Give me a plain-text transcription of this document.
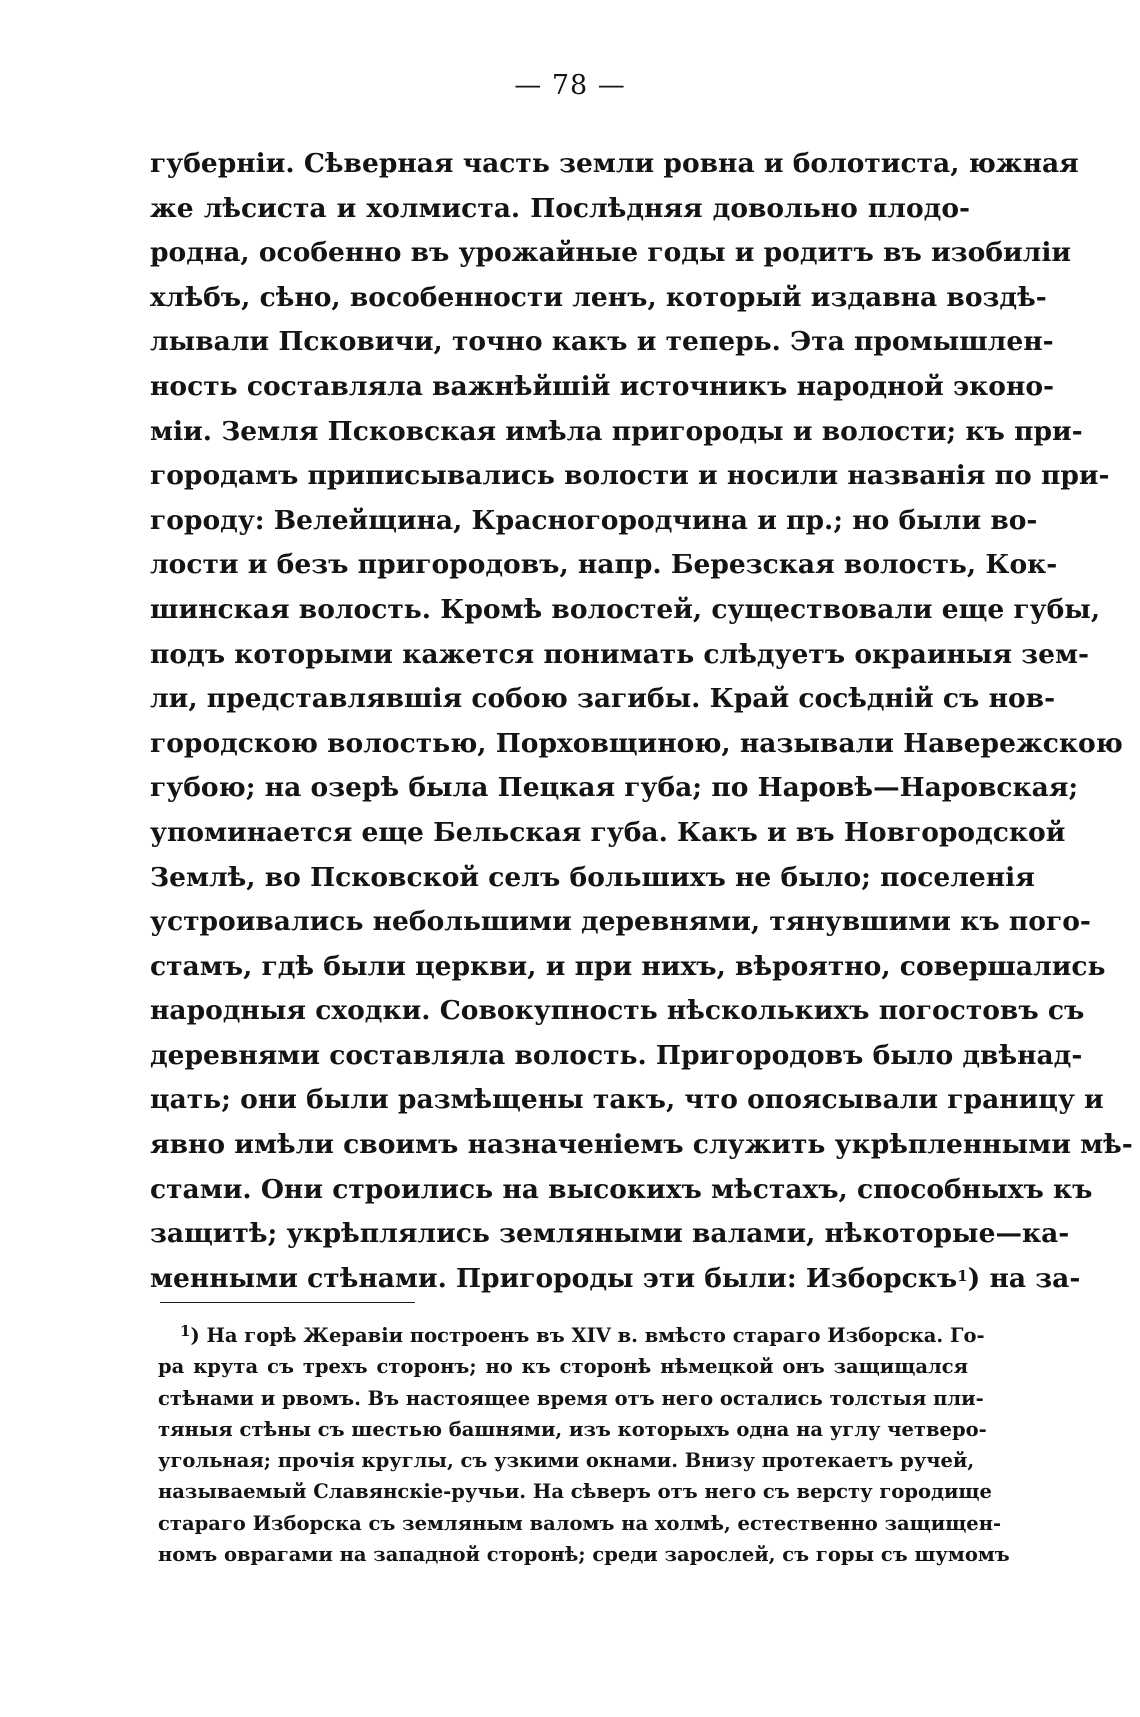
— 78 —
губерніи. Сѣверная часть земли ровна и болотиста, южная
же лѣсиста и холмиста. Послѣдняя довольно плодо-
родна, особенно въ урожайные годы и родитъ въ изобиліи
хлѣбъ, сѣно, воcобенности ленъ, который издавна воздѣ-
лывали Псковичи, точно какъ и теперь. Эта промышлен-
ность составляла важнѣйшій источникъ народной эконо-
міи. Земля Псковская имѣла пригороды и волости; къ при-
городамъ приписывались волости и носили названія по при-
городу: Велейщина, Красногородчина и пр.; но были во-
лости и безъ пригородовъ, напр. Березская волость, Кок-
шинская волость. Кромѣ волостей, существовали еще губы,
подъ которыми кажется понимать слѣдуетъ окраиныя зем-
ли, представлявшія собою загибы. Край сосѣдній съ нов-
городскою волостью, Порховщиною, называли Наверeжскою
губою; на озерѣ была Пецкая губа; по Наровѣ—Наровская;
упоминается еще Бельская губа. Какъ и въ Новгородской
Землѣ, во Псковской селъ большихъ не было; поселенія
устроивались небольшими деревнями, тянувшими къ пого-
стамъ, гдѣ были церкви, и при нихъ, вѣроятно, совершались
народныя сходки. Совокупность нѣсколькихъ погостовъ съ
деревнями составляла волость. Пригородовъ было двѣнад-
цать; они были размѣщены такъ, что опоясывали границу и
явно имѣли своимъ назначеніемъ служить укрѣпленными мѣ-
стами. Они строились на высокихъ мѣстахъ, способныхъ къ
защитѣ; укрѣплялись земляными валами, нѣкоторые—ка-
менными стѣнами. Пригороды эти были: Изборскъ$^1$) на за-
$^1$) На горѣ Жеравіи построенъ въ XIV в. вмѣсто стараго Изборска. Го-
ра крута съ трехъ сторонъ; но къ сторонѣ нѣмецкой онъ защищался
стѣнами и рвомъ. Въ настоящее время отъ него остались толстыя пли-
тяныя стѣны съ шестью башнями, изъ которыхъ одна на углу четверо-
угольная; прочія круглы, съ узкими окнами. Внизу протекаетъ ручей,
называемый Славянскіе-ручьи. На сѣверъ отъ него съ версту городище
стараго Изборска съ земляным валомъ на холмѣ, естественно защищен-
номъ оврагами на западной сторонѣ; среди зарослей, съ горы съ шумомъ
